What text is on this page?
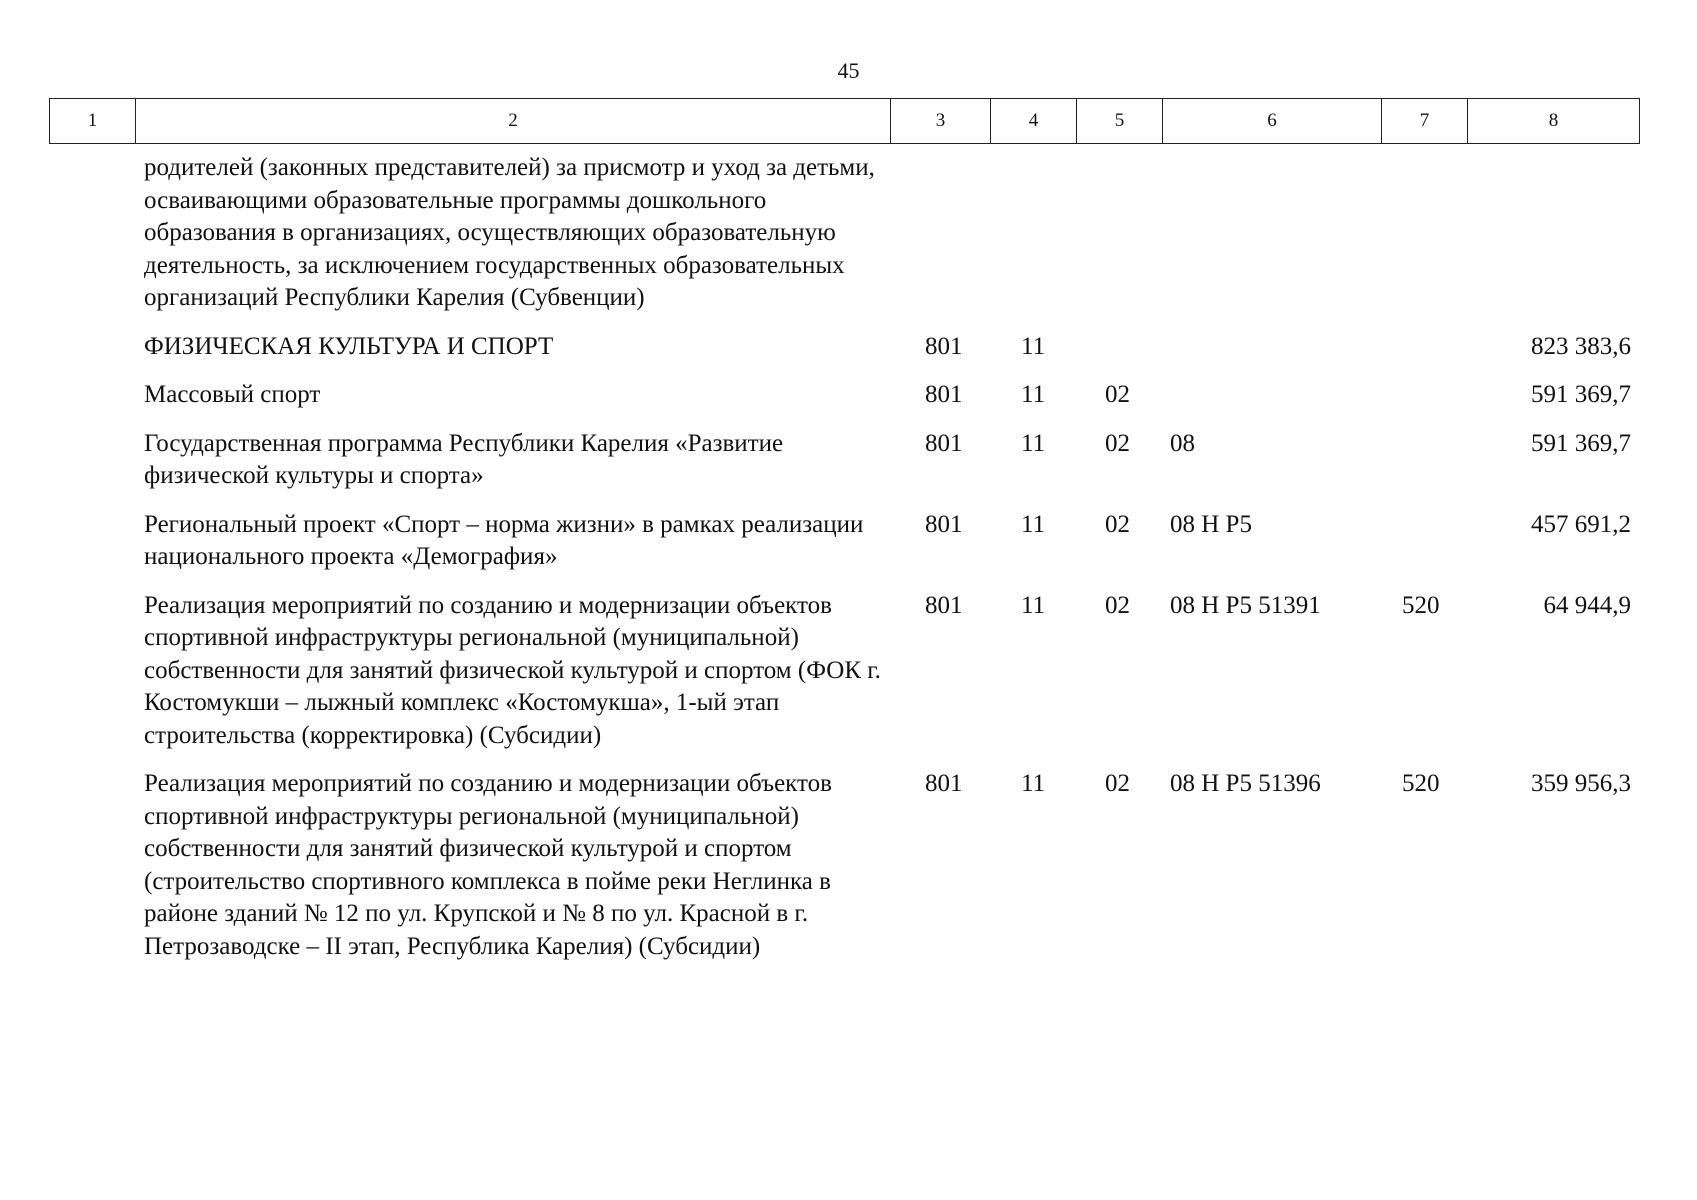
45
1	2	3	4	5	6	7	8
родителей (законных представителей) за присмотр и уход за детьми, осваивающими образовательные программы дошкольного образования в организациях, осуществляющих образовательную деятельность, за исключением государственных образовательных организаций Республики Карелия (Субвенции)						
ФИЗИЧЕСКАЯ КУЛЬТУРА И СПОРТ	801	11				823 383,6
Массовый спорт	801	11	02			591 369,7
Государственная программа Республики Карелия «Развитие физической культуры и спорта»	801	11	02	08		591 369,7
Региональный проект «Спорт – норма жизни» в рамках реализации национального проекта «Демография»	801	11	02	08 Н Р5		457 691,2
Реализация мероприятий по созданию и модернизации объектов спортивной инфраструктуры региональной (муниципальной) собственности для занятий физической культурой и спортом (ФОК г. Костомукши – лыжный комплекс «Костомукша», 1-ый этап строительства (корректировка) (Субсидии)	801	11	02	08 Н Р5 51391	520	64 944,9
Реализация мероприятий по созданию и модернизации объектов спортивной инфраструктуры региональной (муниципальной) собственности для занятий физической культурой и спортом (строительство спортивного комплекса в пойме реки Неглинка в районе зданий № 12 по ул. Крупской и № 8 по ул. Красной в г. Петрозаводске – II этап, Республика Карелия) (Субсидии)	801	11	02	08 Н Р5 51396	520	359 956,3
